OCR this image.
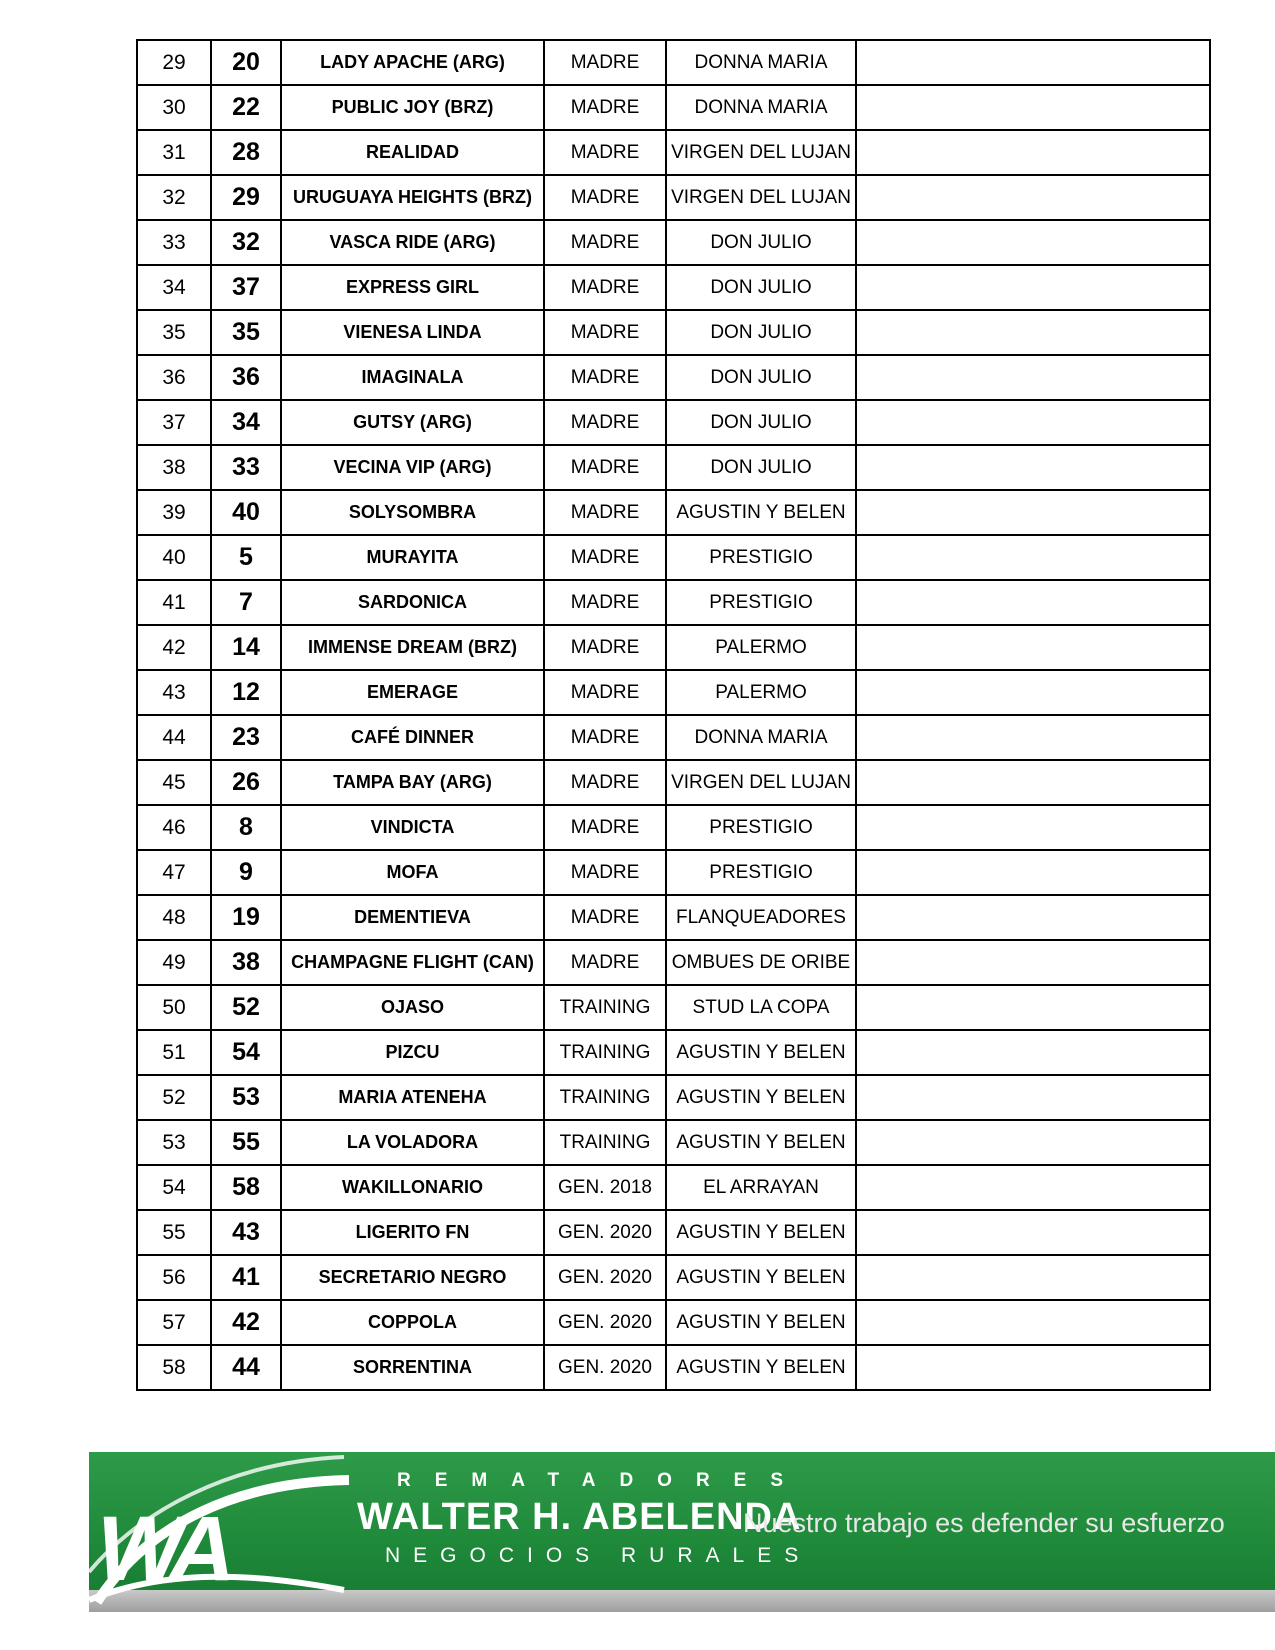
29	20	LADY APACHE (ARG)	MADRE	DONNA MARIA	
30	22	PUBLIC JOY (BRZ)	MADRE	DONNA MARIA	
31	28	REALIDAD	MADRE	VIRGEN DEL LUJAN	
32	29	URUGUAYA HEIGHTS (BRZ)	MADRE	VIRGEN DEL LUJAN	
33	32	VASCA RIDE (ARG)	MADRE	DON JULIO	
34	37	EXPRESS GIRL	MADRE	DON JULIO	
35	35	VIENESA LINDA	MADRE	DON JULIO	
36	36	IMAGINALA	MADRE	DON JULIO	
37	34	GUTSY (ARG)	MADRE	DON JULIO	
38	33	VECINA VIP (ARG)	MADRE	DON JULIO	
39	40	SOLYSOMBRA	MADRE	AGUSTIN Y BELEN	
40	5	MURAYITA	MADRE	PRESTIGIO	
41	7	SARDONICA	MADRE	PRESTIGIO	
42	14	IMMENSE DREAM (BRZ)	MADRE	PALERMO	
43	12	EMERAGE	MADRE	PALERMO	
44	23	CAFÉ DINNER	MADRE	DONNA MARIA	
45	26	TAMPA BAY (ARG)	MADRE	VIRGEN DEL LUJAN	
46	8	VINDICTA	MADRE	PRESTIGIO	
47	9	MOFA	MADRE	PRESTIGIO	
48	19	DEMENTIEVA	MADRE	FLANQUEADORES	
49	38	CHAMPAGNE FLIGHT (CAN)	MADRE	OMBUES DE ORIBE	
50	52	OJASO	TRAINING	STUD LA COPA	
51	54	PIZCU	TRAINING	AGUSTIN Y BELEN	
52	53	MARIA ATENEHA	TRAINING	AGUSTIN Y BELEN	
53	55	LA VOLADORA	TRAINING	AGUSTIN Y BELEN	
54	58	WAKILLONARIO	GEN. 2018	EL ARRAYAN	
55	43	LIGERITO FN	GEN. 2020	AGUSTIN Y BELEN	
56	41	SECRETARIO NEGRO	GEN. 2020	AGUSTIN Y BELEN	
57	42	COPPOLA	GEN. 2020	AGUSTIN Y BELEN	
58	44	SORRENTINA	GEN. 2020	AGUSTIN Y BELEN	
WA
REMATADORES
WALTER H. ABELENDA
NEGOCIOS RURALES
Nuestro trabajo es defender su esfuerzo
